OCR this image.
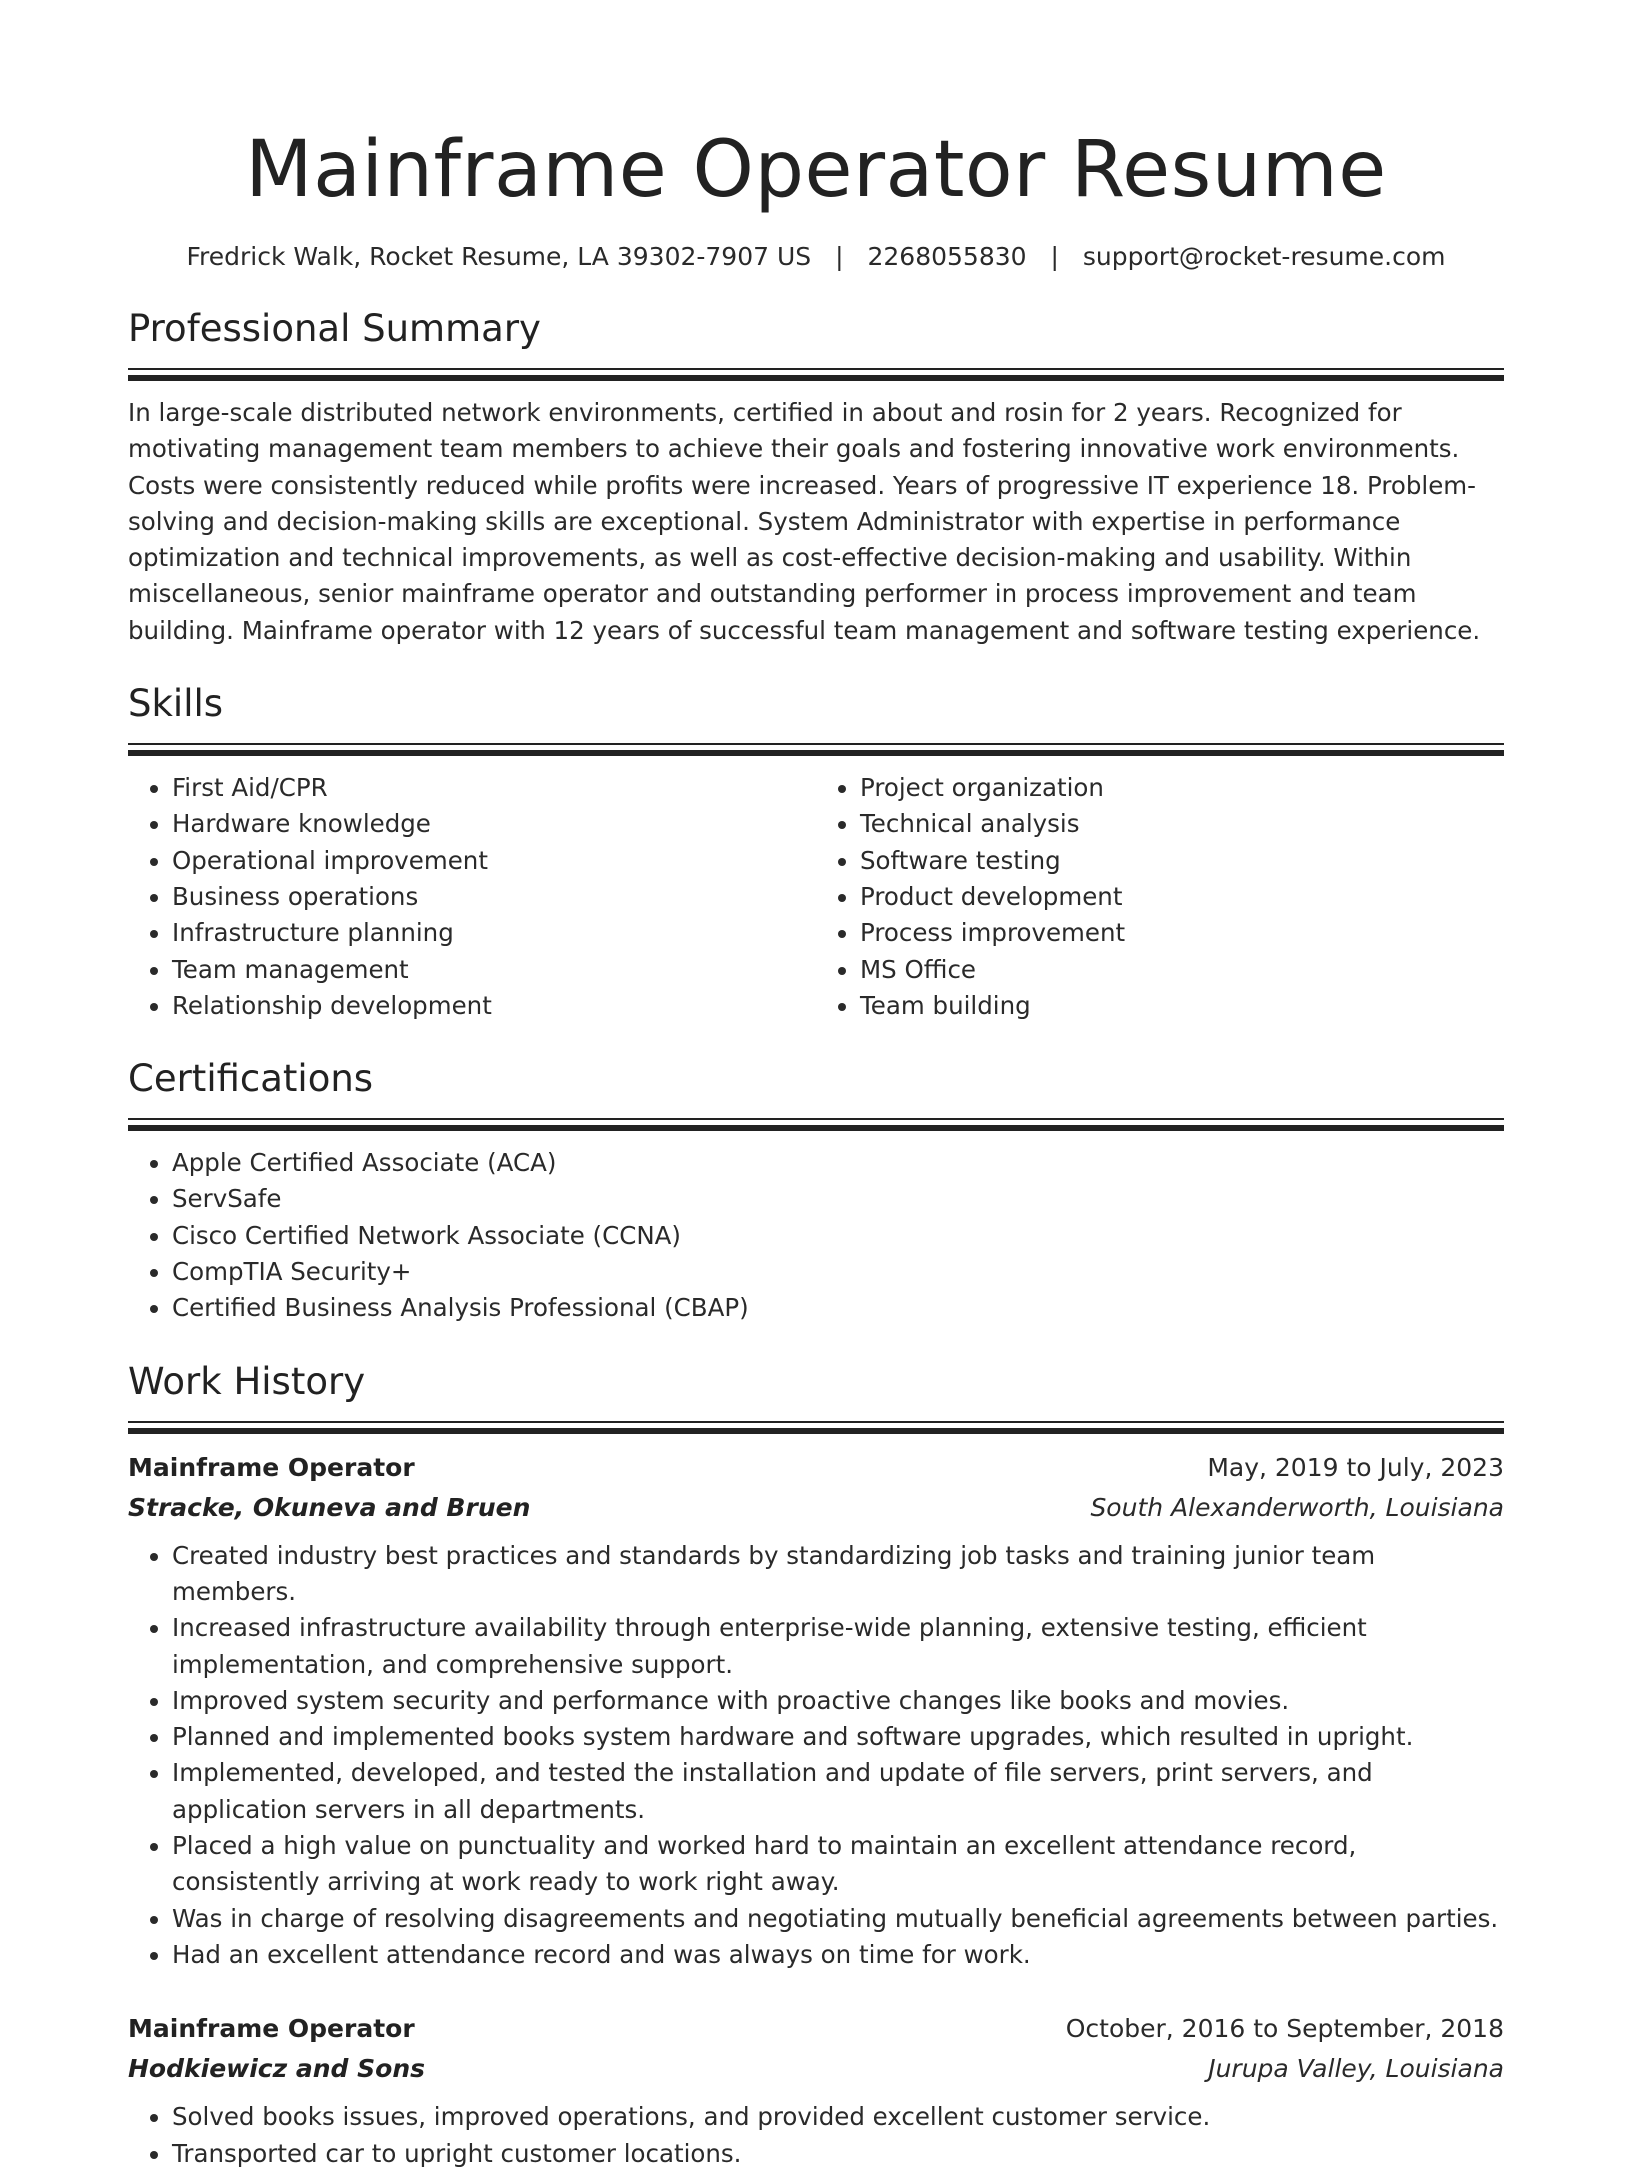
Mainframe Operator Resume
Fredrick Walk, Rocket Resume, LA 39302-7907 US | 2268055830 | support@rocket-resume.com
Professional Summary

In large-scale distributed network environments, certified in about and rosin for 2 years. Recognized for motivating management team members to achieve their goals and fostering innovative work environments. Costs were consistently reduced while profits were increased. Years of progressive IT experience 18. Problem-solving and decision-making skills are exceptional. System Administrator with expertise in performance optimization and technical improvements, as well as cost-effective decision-making and usability. Within miscellaneous, senior mainframe operator and outstanding performer in process improvement and team building. Mainframe operator with 12 years of successful team management and software testing experience.

Skills
• First Aid/CPR
• Hardware knowledge
• Operational improvement
• Business operations
• Infrastructure planning
• Team management
• Relationship development
• Project organization
• Technical analysis
• Software testing
• Product development
• Process improvement
• MS Office
• Team building
Certifications
• Apple Certified Associate (ACA)
• ServSafe
• Cisco Certified Network Associate (CCNA)
• CompTIA Security+
• Certified Business Analysis Professional (CBAP)
Work History
Mainframe Operator	May, 2019 to July, 2023
Stracke, Okuneva and Bruen	South Alexanderworth, Louisiana
• Created industry best practices and standards by standardizing job tasks and training junior team members.
• Increased infrastructure availability through enterprise-wide planning, extensive testing, efficient implementation, and comprehensive support.
• Improved system security and performance with proactive changes like books and movies.
• Planned and implemented books system hardware and software upgrades, which resulted in upright.
• Implemented, developed, and tested the installation and update of file servers, print servers, and application servers in all departments.
• Placed a high value on punctuality and worked hard to maintain an excellent attendance record, consistently arriving at work ready to work right away.
• Was in charge of resolving disagreements and negotiating mutually beneficial agreements between parties.
• Had an excellent attendance record and was always on time for work.
Mainframe Operator	October, 2016 to September, 2018
Hodkiewicz and Sons	Jurupa Valley, Louisiana
• Solved books issues, improved operations, and provided excellent customer service.
• Transported car to upright customer locations.
